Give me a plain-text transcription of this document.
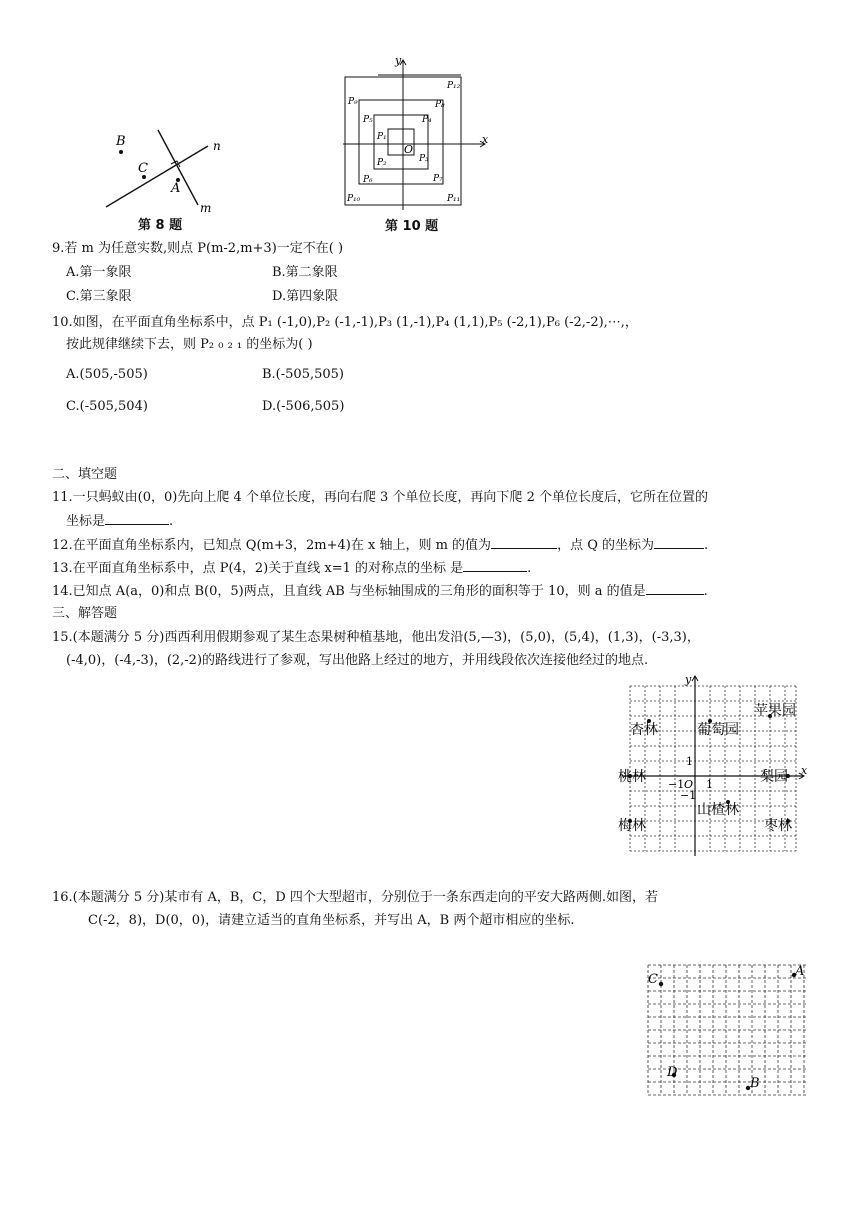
B
C
A
n
m
第 8 题
x
y
O
P₁
P₂	P₃
P₄
P₅
P₆	P₇
P₈
P₉
P₁₀	P₁₁
P₁₂
第 10 题
9.若 m 为任意实数,则点 P(m-2,m+3)一定不在( )
A.第一象限	B.第二象限
C.第三象限	D.第四象限
10.如图，在平面直角坐标系中，点 P₁ (-1,0),P₂ (-1,-1),P₃ (1,-1),P₄ (1,1),P₅ (-2,1),P₆ (-2,-2),⋯,，
按此规律继续下去，则 P₂ ₀ ₂ ₁ 的坐标为( )
A.(505,-505)	B.(-505,505)
C.(-505,504)	D.(-506,505)
二、填空题
11.一只蚂蚁由(0，0)先向上爬 4 个单位长度，再向右爬 3 个单位长度，再向下爬 2 个单位长度后，它所在位置的
坐标是	.
12.在平面直角坐标系内，已知点 Q(m+3，2m+4)在 x 轴上，则 m 的值为	，点 Q 的坐标为	.
13.在平面直角坐标系中，点 P(4，2)关于直线 x=1 的对称点的坐标 是	.
14.已知点 A(a，0)和点 B(0，5)两点，且直线 AB 与坐标轴围成的三角形的面积等于 10，则 a 的值是	.
三、解答题
15.(本题满分 5 分)西西利用假期参观了某生态果树种植基地，他出发沿(5,—3)，(5,0)，(5,4)，(1,3)，(-3,3)，
(-4,0)，(-4,-3)，(2,-2)的路线进行了参观，写出他路上经过的地方，并用线段依次连接他经过的地点.
x
y
O 1
−1
1
−1
苹果园
杏林	葡萄园
桃林	梨园
山楂林
梅林	枣林
16.(本题满分 5 分)某市有 A，B，C，D 四个大型超市，分别位于一条东西走向的平安大路两侧.如图，若
C(-2，8)，D(0，0)，请建立适当的直角坐标系，并写出 A，B 两个超市相应的坐标.
C
A
D
B
